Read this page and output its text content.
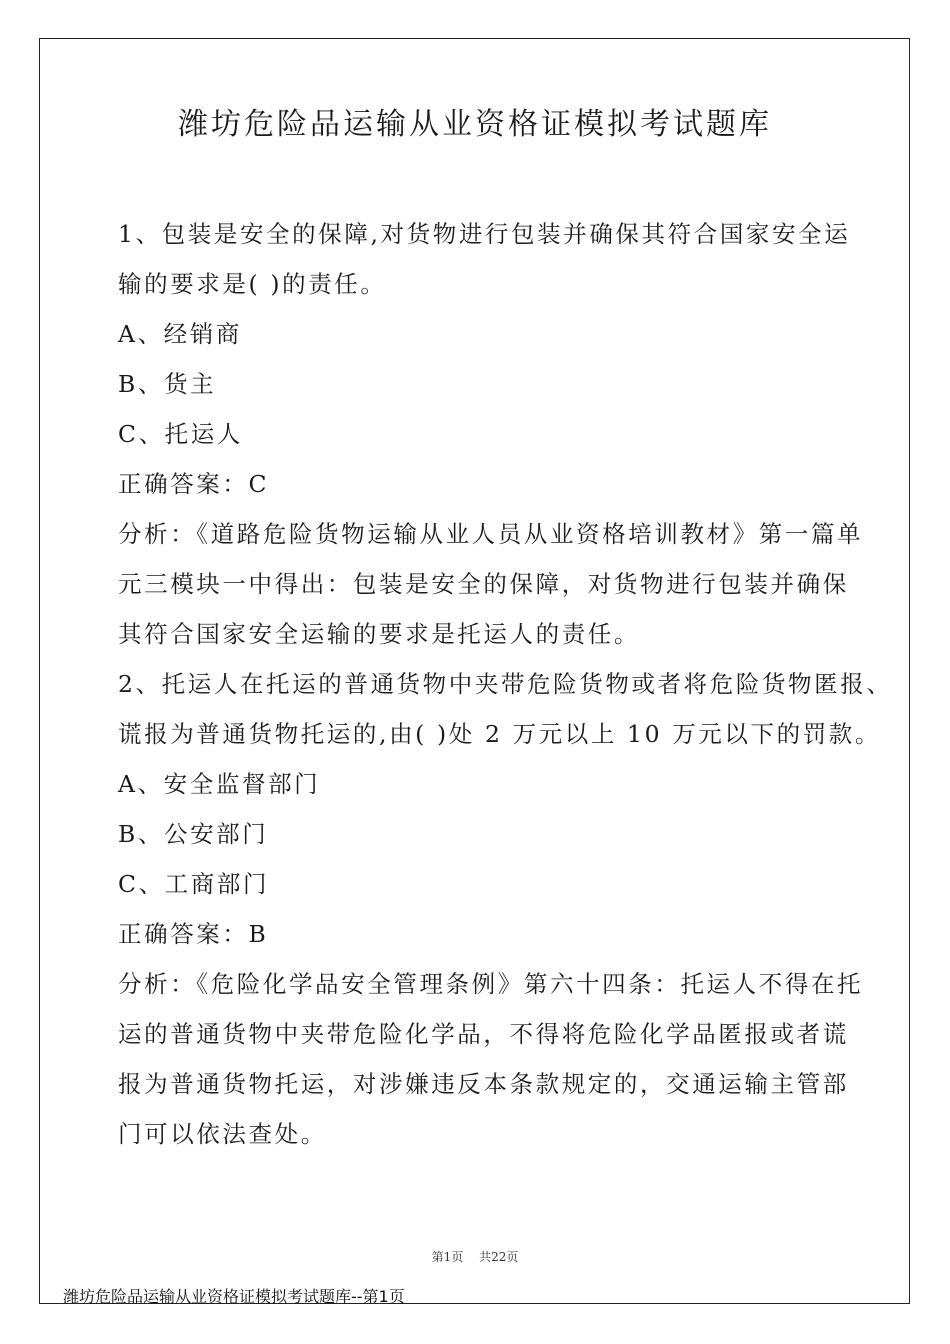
潍坊危险品运输从业资格证模拟考试题库
1、包装是安全的保障,对货物进行包装并确保其符合国家安全运
输的要求是( )的责任。
A、经销商
B、货主
C、托运人
正确答案：C
分析：《道路危险货物运输从业人员从业资格培训教材》第一篇单
元三模块一中得出：包装是安全的保障，对货物进行包装并确保
其符合国家安全运输的要求是托运人的责任。
2、托运人在托运的普通货物中夹带危险货物或者将危险货物匿报、
谎报为普通货物托运的,由( )处 2 万元以上 10 万元以下的罚款。
A、安全监督部门
B、公安部门
C、工商部门
正确答案：B
分析：《危险化学品安全管理条例》第六十四条：托运人不得在托
运的普通货物中夹带危险化学品，不得将危险化学品匿报或者谎
报为普通货物托运，对涉嫌违反本条款规定的，交通运输主管部
门可以依法查处。
第1页 共22页
潍坊危险品运输从业资格证模拟考试题库--第1页
